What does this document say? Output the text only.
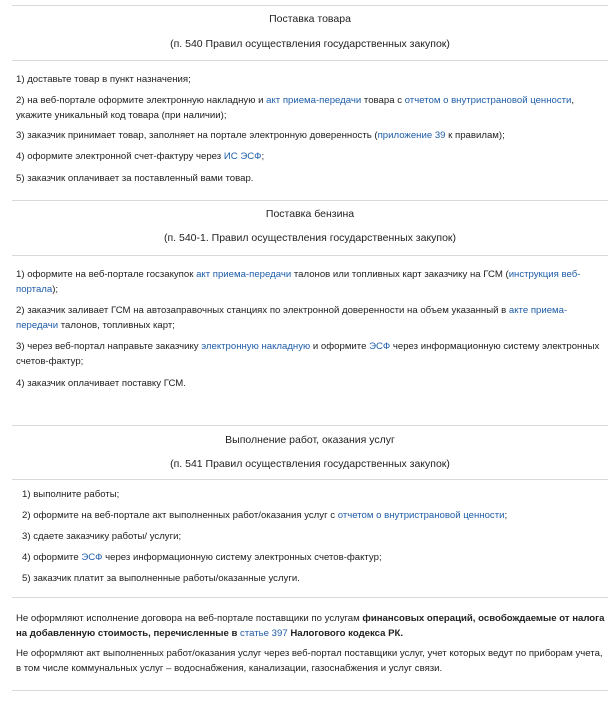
Поставка товара
(п. 540 Правил осуществления государственных закупок)
1) доставьте товар в пункт назначения;
2) на веб-портале оформите электронную накладную и акт приема-передачи товара с отчетом о внутристрановой ценности, укажите уникальный код товара (при наличии);
3) заказчик принимает товар, заполняет на портале электронную доверенность (приложение 39 к правилам);
4) оформите электронной счет-фактуру через ИС ЭСФ;
5) заказчик оплачивает за поставленный вами товар.
Поставка бензина
(п. 540-1. Правил осуществления государственных закупок)
1) оформите на веб-портале госзакупок акт приема-передачи талонов или топливных карт заказчику на ГСМ (инструкция веб-портала);
2) заказчик заливает ГСМ на автозаправочных станциях по электронной доверенности на объем указанный в акте приема-передачи талонов, топливных карт;
3) через веб-портал направьте заказчику электронную накладную и оформите ЭСФ через информационную систему электронных счетов-фактур;
4) заказчик оплачивает поставку ГСМ.
Выполнение работ, оказания услуг
(п. 541 Правил осуществления государственных закупок)
1) выполните работы;
2) оформите на веб-портале акт выполненных работ/оказания услуг с отчетом о внутристрановой ценности;
3) сдаете заказчику работы/ услуги;
4) оформите ЭСФ через информационную систему электронных счетов-фактур;
5) заказчик платит за выполненные работы/оказанные услуги.
Не оформляют исполнение договора на веб-портале поставщики по услугам финансовых операций, освобождаемые от налога на добавленную стоимость, перечисленные в статье 397 Налогового кодекса РК.
Не оформляют акт выполненных работ/оказания услуг через веб-портал поставщики услуг, учет которых ведут по приборам учета, в том числе коммунальных услуг – водоснабжения, канализации, газоснабжения и услуг связи.
